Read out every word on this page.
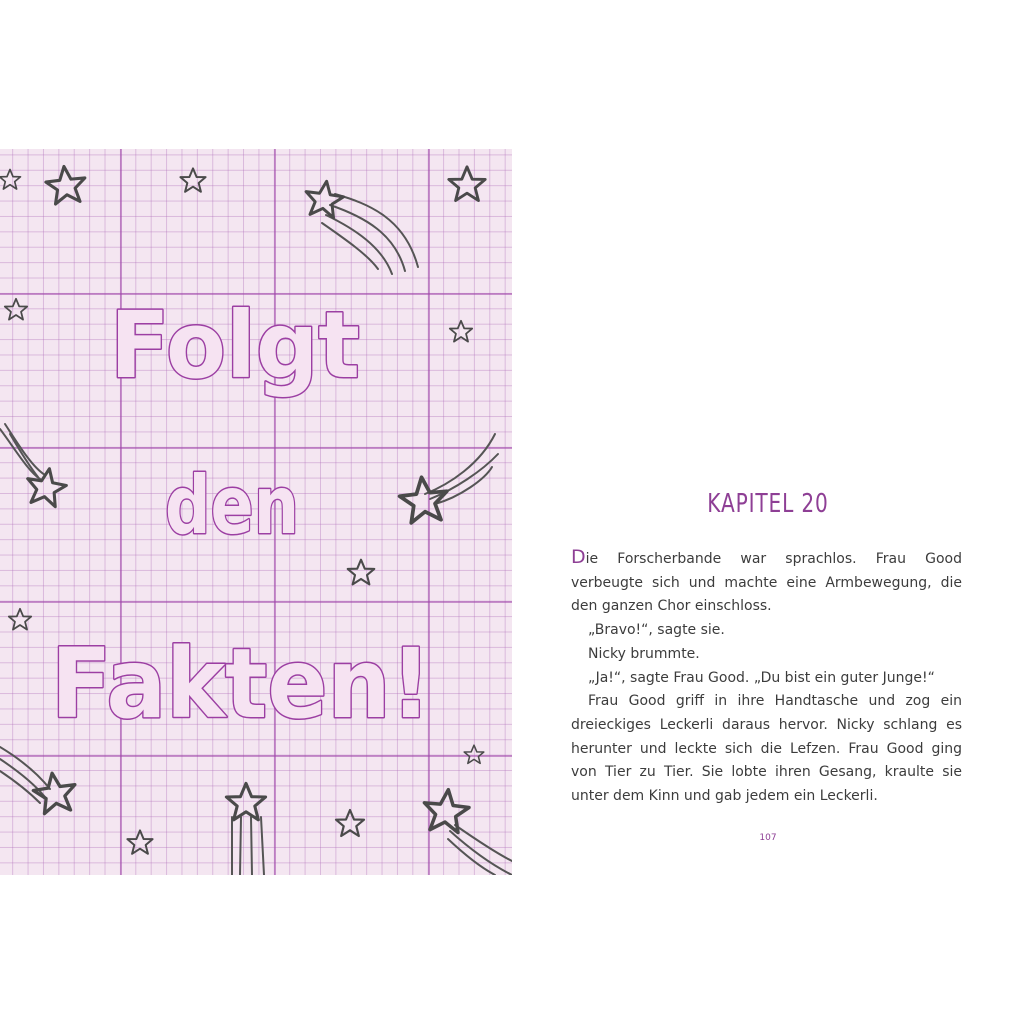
Folgt
den
Fakten!
KAPITEL 20

Die Forscherbande war sprachlos. Frau Good verbeugte sich und machte eine Armbewegung, die den ganzen Chor einschloss.

„Bravo!“, sagte sie.

Nicky brummte.

„Ja!“, sagte Frau Good. „Du bist ein guter Junge!“

Frau Good griff in ihre Handtasche und zog ein dreieckiges Leckerli daraus hervor. Nicky schlang es herunter und leckte sich die Lefzen. Frau Good ging von Tier zu Tier. Sie lobte ihren Gesang, kraulte sie unter dem Kinn und gab jedem ein Leckerli.

107
